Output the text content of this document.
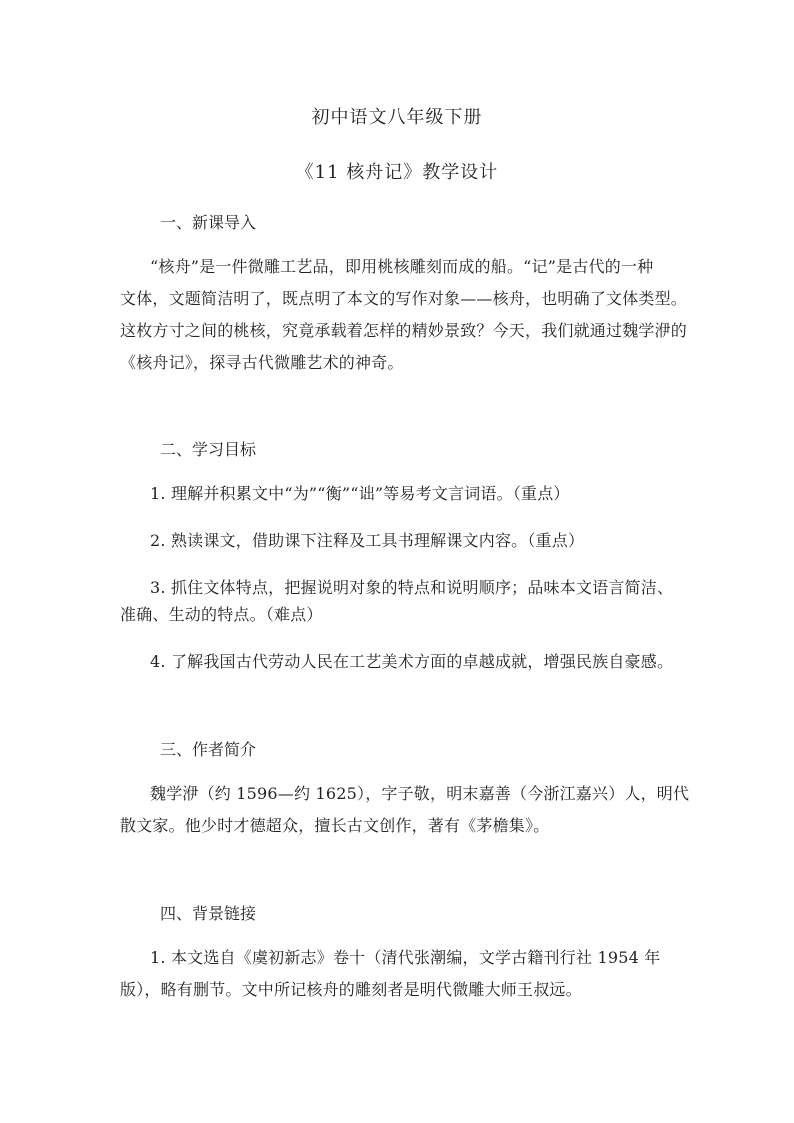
初中语文八年级下册
《11 核舟记》教学设计
一、新课导入
“核舟”是一件微雕工艺品，即用桃核雕刻而成的船。“记”是古代的一种
文体，文题简洁明了，既点明了本文的写作对象——核舟，也明确了文体类型。
这枚方寸之间的桃核，究竟承载着怎样的精妙景致？今天，我们就通过魏学洢的
《核舟记》，探寻古代微雕艺术的神奇。
二、学习目标
1. 理解并积累文中“为”“衡”“诎”等易考文言词语。（重点）
2. 熟读课文，借助课下注释及工具书理解课文内容。（重点）
3. 抓住文体特点，把握说明对象的特点和说明顺序；品味本文语言简洁、
准确、生动的特点。（难点）
4. 了解我国古代劳动人民在工艺美术方面的卓越成就，增强民族自豪感。
三、作者简介
魏学洢（约 1596—约 1625），字子敬，明末嘉善（今浙江嘉兴）人，明代
散文家。他少时才德超众，擅长古文创作，著有《茅檐集》。
四、背景链接
1. 本文选自《虞初新志》卷十（清代张潮编，文学古籍刊行社 1954 年
版），略有删节。文中所记核舟的雕刻者是明代微雕大师王叔远。
